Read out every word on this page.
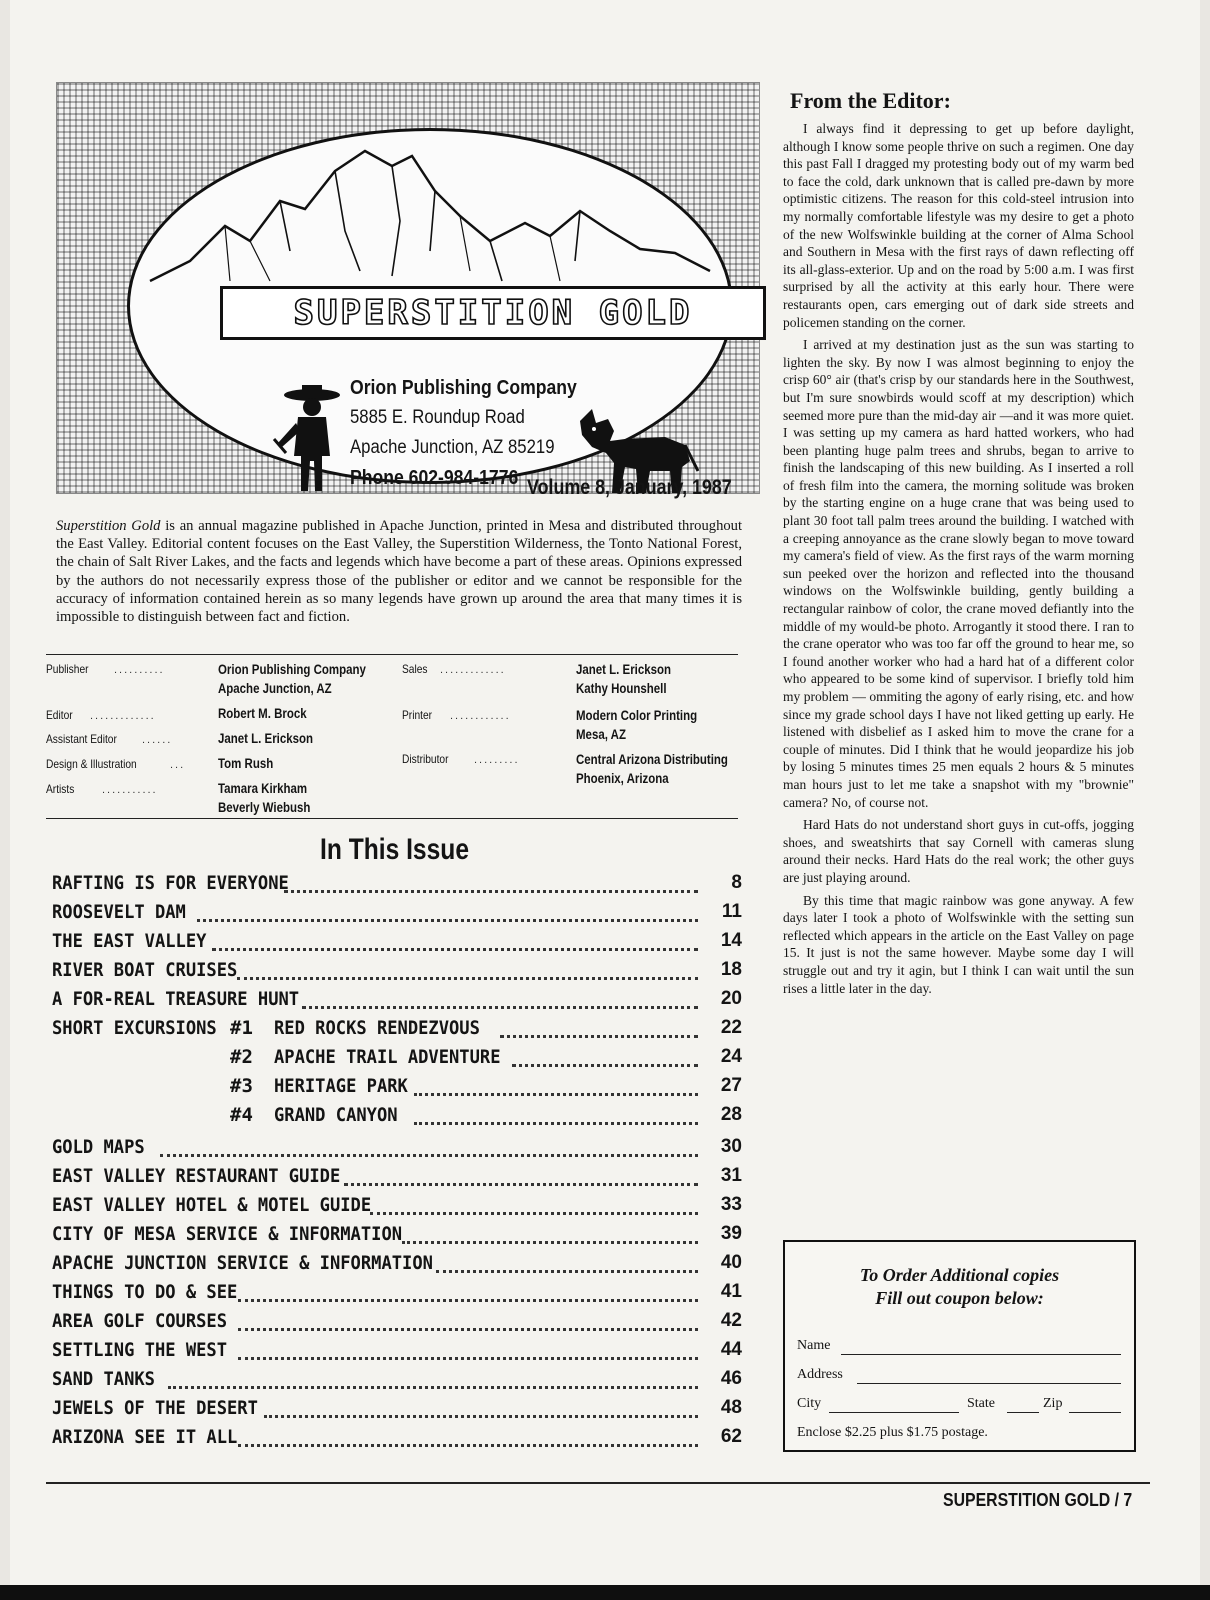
SUPERSTITION GOLD
Orion Publishing Company
5885 E. Roundup Road
Apache Junction, AZ 85219
Phone 602-984-1776 Volume 8, January, 1987
Superstition Gold is an annual magazine published in Apache Junction, printed in Mesa and distributed throughout the East Valley. Editorial content focuses on the East Valley, the Superstition Wilderness, the Tonto National Forest, the chain of Salt River Lakes, and the facts and legends which have become a part of these areas. Opinions expressed by the authors do not necessarily express those of the publisher or editor and we cannot be responsible for the accuracy of information contained herein as so many legends have grown up around the area that many times it is impossible to distinguish between fact and fiction.
Publisher ..........	Orion Publishing Company
Apache Junction, AZ
Editor .............	Robert M. Brock
Assistant Editor ......	Janet L. Erickson
Design & Illustration	... Tom Rush
Artists	...........	Tamara Kirkham
Beverly Wiebush
Sales .............	Janet L. Erickson
Kathy Hounshell
Printer ............	Modern Color Printing
Mesa, AZ
Distributor .........	Central Arizona Distributing
Phoenix, Arizona
In This Issue
RAFTING IS FOR EVERYONE	8
ROOSEVELT DAM	11
THE EAST VALLEY	14
RIVER BOAT CRUISES	18
A FOR-REAL TREASURE HUNT	20
SHORT EXCURSIONS #1 RED ROCKS RENDEZVOUS	22
#2 APACHE TRAIL ADVENTURE	24
#3 HERITAGE PARK	27
#4 GRAND CANYON	28
GOLD MAPS	30
EAST VALLEY RESTAURANT GUIDE	31
EAST VALLEY HOTEL & MOTEL GUIDE	33
CITY OF MESA SERVICE & INFORMATION	39
APACHE JUNCTION SERVICE & INFORMATION	40
THINGS TO DO & SEE	41
AREA GOLF COURSES	42
SETTLING THE WEST	44
SAND TANKS	46
JEWELS OF THE DESERT	48
ARIZONA SEE IT ALL	62
From the Editor:

I always find it depressing to get up before daylight, although I know some people thrive on such a regimen. One day this past Fall I dragged my protesting body out of my warm bed to face the cold, dark unknown that is called pre-dawn by more optimistic citizens. The reason for this cold-steel intrusion into my normally comfortable lifestyle was my desire to get a photo of the new Wolfswinkle building at the corner of Alma School and Southern in Mesa with the first rays of dawn reflecting off its all-glass-exterior. Up and on the road by 5:00 a.m. I was first surprised by all the activity at this early hour. There were restaurants open, cars emerging out of dark side streets and policemen standing on the corner.

I arrived at my destination just as the sun was starting to lighten the sky. By now I was almost beginning to enjoy the crisp 60° air (that's crisp by our standards here in the Southwest, but I'm sure snowbirds would scoff at my description) which seemed more pure than the mid-day air —and it was more quiet. I was setting up my camera as hard hatted workers, who had been planting huge palm trees and shrubs, began to arrive to finish the landscaping of this new building. As I inserted a roll of fresh film into the camera, the morning solitude was broken by the starting engine on a huge crane that was being used to plant 30 foot tall palm trees around the building. I watched with a creeping annoyance as the crane slowly began to move toward my camera's field of view. As the first rays of the warm morning sun peeked over the horizon and reflected into the thousand windows on the Wolfswinkle building, gently building a rectangular rainbow of color, the crane moved defiantly into the middle of my would-be photo. Arrogantly it stood there. I ran to the crane operator who was too far off the ground to hear me, so I found another worker who had a hard hat of a different color who appeared to be some kind of supervisor. I briefly told him my problem — ommiting the agony of early rising, etc. and how since my grade school days I have not liked getting up early. He listened with disbelief as I asked him to move the crane for a couple of minutes. Did I think that he would jeopardize his job by losing 5 minutes times 25 men equals 2 hours & 5 minutes man hours just to let me take a snapshot with my "brownie" camera? No, of course not.

Hard Hats do not understand short guys in cut-offs, jogging shoes, and sweatshirts that say Cornell with cameras slung around their necks. Hard Hats do the real work; the other guys are just playing around.

By this time that magic rainbow was gone anyway. A few days later I took a photo of Wolfswinkle with the setting sun reflected which appears in the article on the East Valley on page 15. It just is not the same however. Maybe some day I will struggle out and try it agin, but I think I can wait until the sun rises a little later in the day.

To Order Additional copies
Fill out coupon below:
Name
Address
City	State	Zip
Enclose $2.25 plus $1.75 postage.
SUPERSTITION GOLD / 7
